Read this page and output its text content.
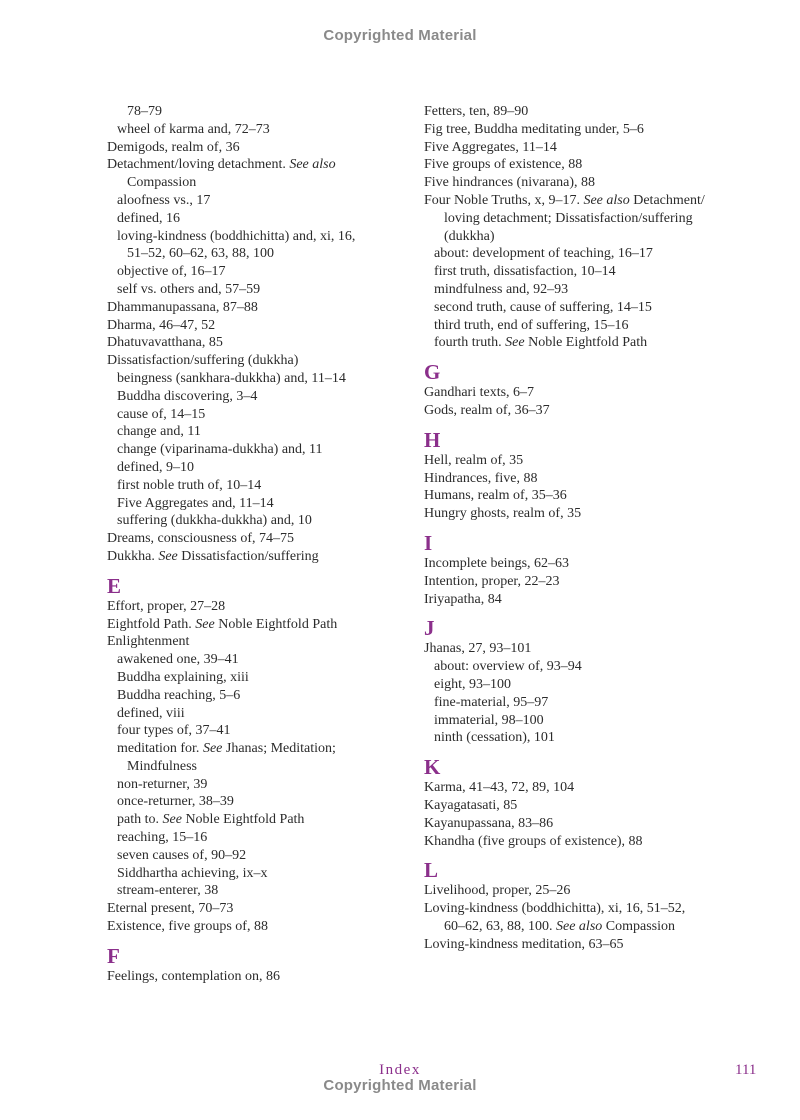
Copyrighted Material
78–79
wheel of karma and, 72–73
Demigods, realm of, 36
Detachment/loving detachment. See also
Compassion
aloofness vs., 17
defined, 16
loving-kindness (boddhichitta) and, xi, 16,
51–52, 60–62, 63, 88, 100
objective of, 16–17
self vs. others and, 57–59
Dhammanupassana, 87–88
Dharma, 46–47, 52
Dhatuvavatthana, 85
Dissatisfaction/suffering (dukkha)
beingness (sankhara-dukkha) and, 11–14
Buddha discovering, 3–4
cause of, 14–15
change and, 11
change (viparinama-dukkha) and, 11
defined, 9–10
first noble truth of, 10–14
Five Aggregates and, 11–14
suffering (dukkha-dukkha) and, 10
Dreams, consciousness of, 74–75
Dukkha. See Dissatisfaction/suffering
E
Effort, proper, 27–28
Eightfold Path. See Noble Eightfold Path
Enlightenment
awakened one, 39–41
Buddha explaining, xiii
Buddha reaching, 5–6
defined, viii
four types of, 37–41
meditation for. See Jhanas; Meditation;
Mindfulness
non-returner, 39
once-returner, 38–39
path to. See Noble Eightfold Path
reaching, 15–16
seven causes of, 90–92
Siddhartha achieving, ix–x
stream-enterer, 38
Eternal present, 70–73
Existence, five groups of, 88
F
Feelings, contemplation on, 86
Fetters, ten, 89–90
Fig tree, Buddha meditating under, 5–6
Five Aggregates, 11–14
Five groups of existence, 88
Five hindrances (nivarana), 88
Four Noble Truths, x, 9–17. See also Detachment/
loving detachment; Dissatisfaction/suffering
(dukkha)
about: development of teaching, 16–17
first truth, dissatisfaction, 10–14
mindfulness and, 92–93
second truth, cause of suffering, 14–15
third truth, end of suffering, 15–16
fourth truth. See Noble Eightfold Path
G
Gandhari texts, 6–7
Gods, realm of, 36–37
H
Hell, realm of, 35
Hindrances, five, 88
Humans, realm of, 35–36
Hungry ghosts, realm of, 35
I
Incomplete beings, 62–63
Intention, proper, 22–23
Iriyapatha, 84
J
Jhanas, 27, 93–101
about: overview of, 93–94
eight, 93–100
fine-material, 95–97
immaterial, 98–100
ninth (cessation), 101
K
Karma, 41–43, 72, 89, 104
Kayagatasati, 85
Kayanupassana, 83–86
Khandha (five groups of existence), 88
L
Livelihood, proper, 25–26
Loving-kindness (boddhichitta), xi, 16, 51–52,
60–62, 63, 88, 100. See also Compassion
Loving-kindness meditation, 63–65
Index	111
Copyrighted Material
